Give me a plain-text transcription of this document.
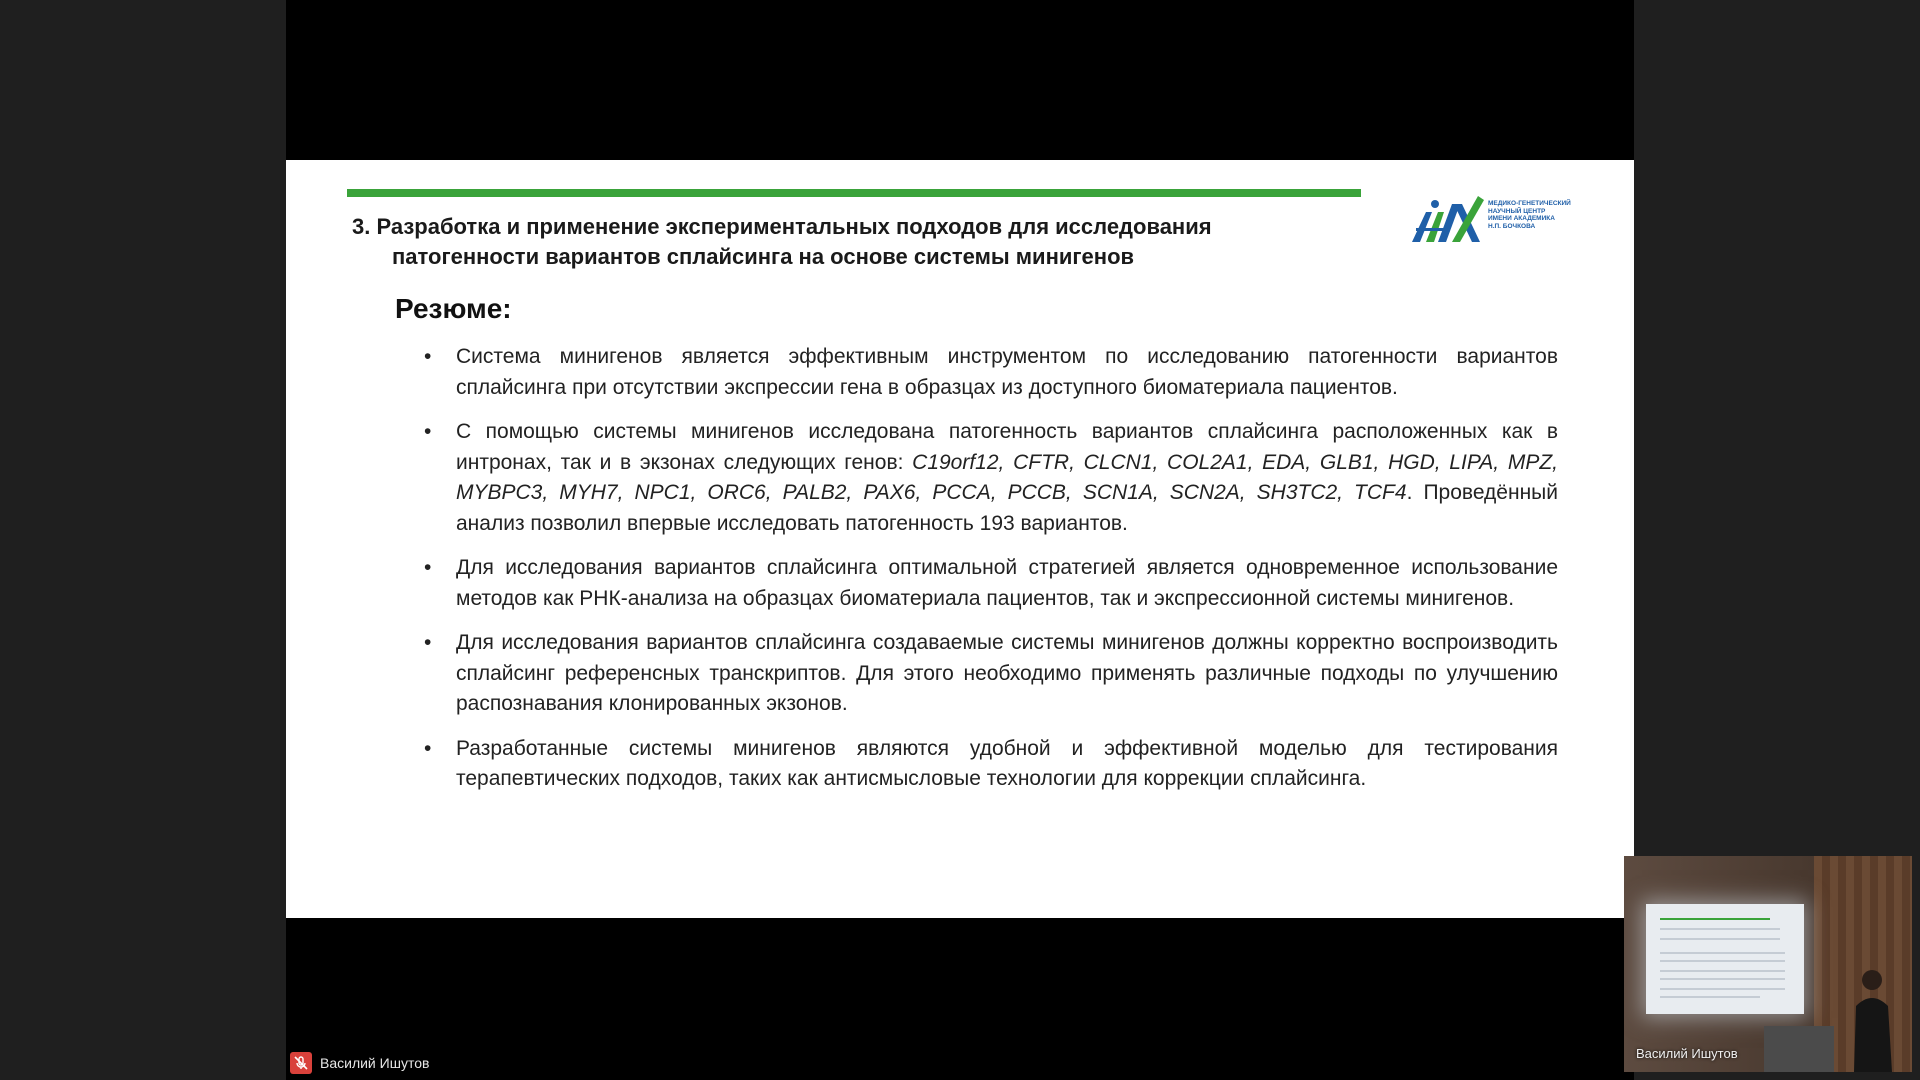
МЕДИКО-ГЕНЕТИЧЕСКИЙ
НАУЧНЫЙ ЦЕНТР
ИМЕНИ АКАДЕМИКА
Н.П. БОЧКОВА
3. Разработка и применение экспериментальных подходов для исследования
патогенности вариантов сплайсинга на основе системы минигенов
Резюме:
• Система минигенов является эффективным инструментом по исследованию патогенности вариантов сплайсинга при отсутствии экспрессии гена в образцах из доступного биоматериала пациентов.
• С помощью системы минигенов исследована патогенность вариантов сплайсинга расположенных как в интронах, так и в экзонах следующих генов: C19orf12, CFTR, CLCN1, COL2A1, EDA, GLB1, HGD, LIPA, MPZ, MYBPC3, MYH7, NPC1, ORC6, PALB2, PAX6, PCCA, PCCB, SCN1A, SCN2A, SH3TC2, TCF4. Проведённый анализ позволил впервые исследовать патогенность 193 вариантов.
• Для исследования вариантов сплайсинга оптимальной стратегией является одновременное использование методов как РНК-анализа на образцах биоматериала пациентов, так и экспрессионной системы минигенов.
• Для исследования вариантов сплайсинга создаваемые системы минигенов должны корректно воспроизводить сплайсинг референсных транскриптов. Для этого необходимо применять различные подходы по улучшению распознавания клонированных экзонов.
• Разработанные системы минигенов являются удобной и эффективной моделью для тестирования терапевтических подходов, таких как антисмысловые технологии для коррекции сплайсинга.
Василий Ишутов
Василий Ишутов
